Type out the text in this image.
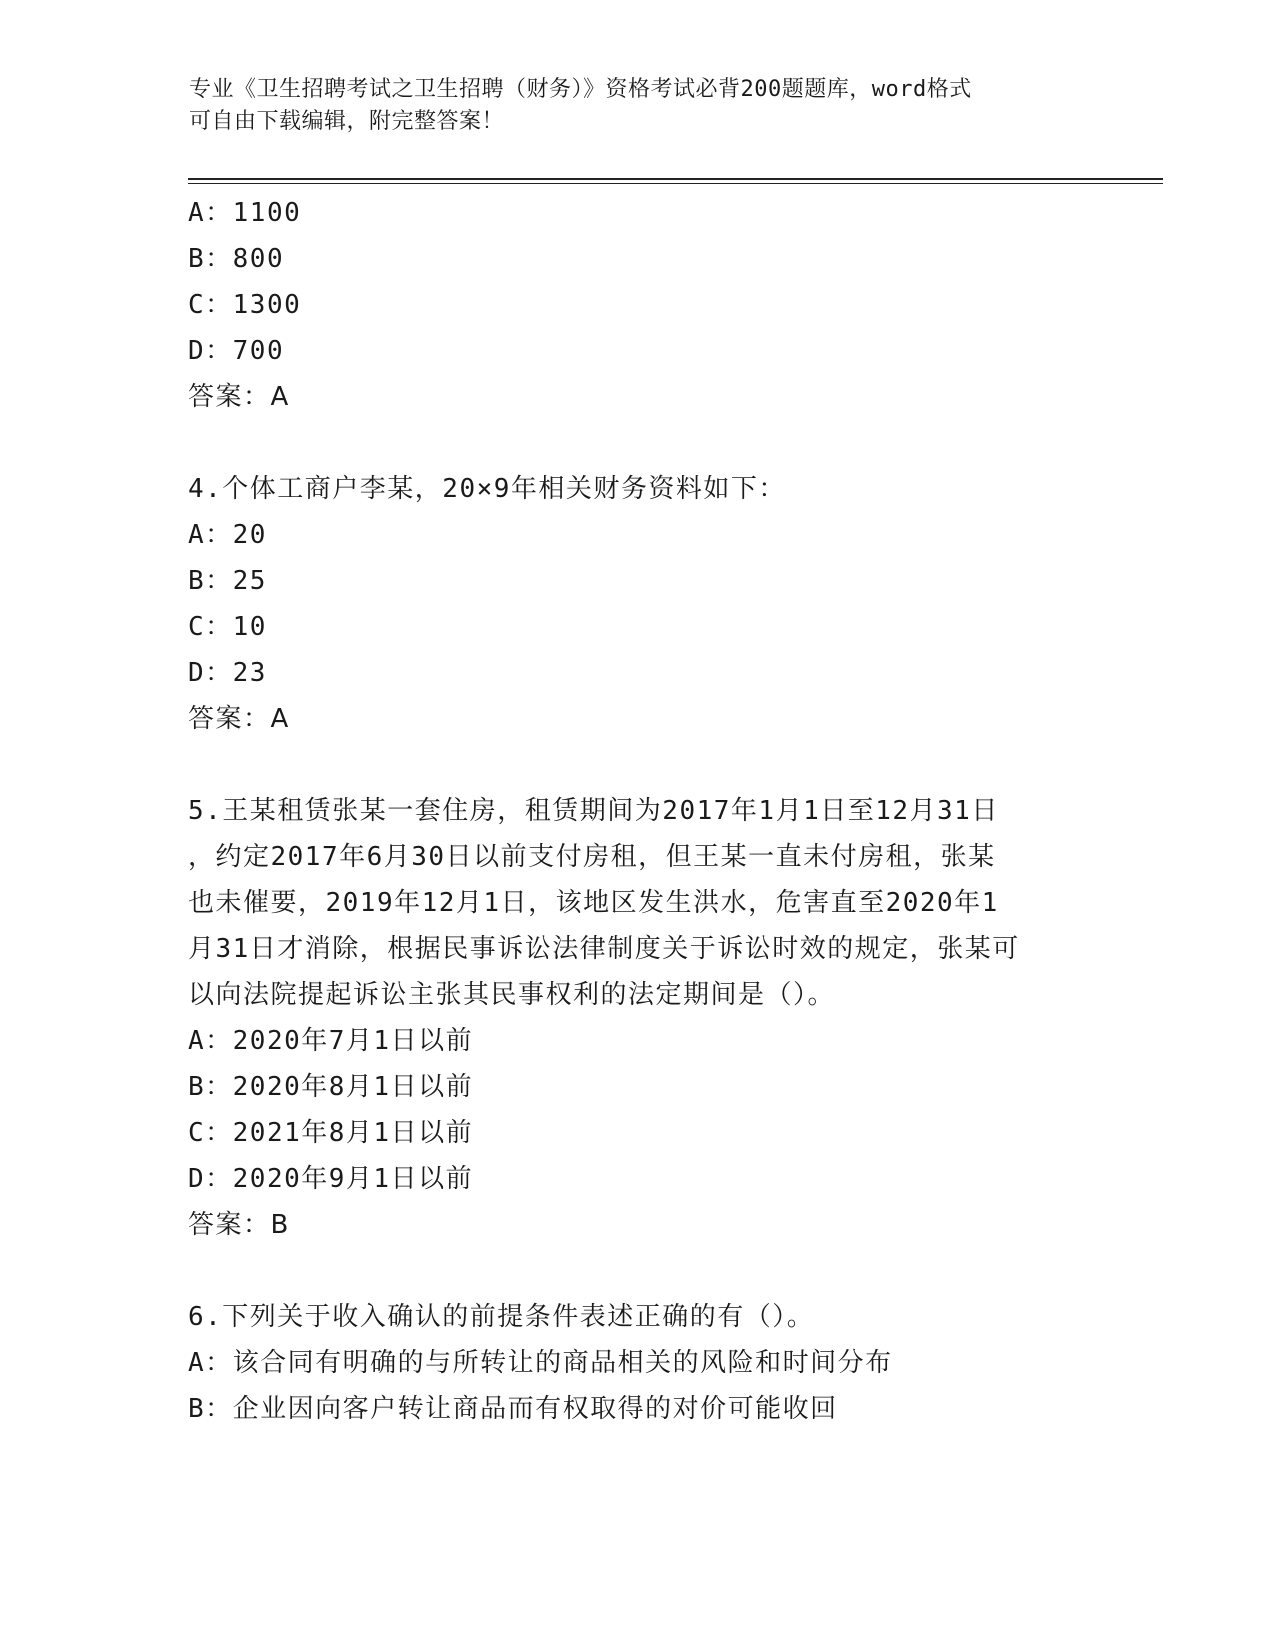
专业《卫生招聘考试之卫生招聘（财务）》资格考试必背200题题库，word格式
可自由下载编辑，附完整答案！
A：1100
B：800
C：1300
D：700
答案：A
4.个体工商户李某，20×9年相关财务资料如下：
A：20
B：25
C：10
D：23
答案：A
5.王某租赁张某一套住房，租赁期间为2017年1月1日至12月31日
，约定2017年6月30日以前支付房租，但王某一直未付房租，张某
也未催要，2019年12月1日，该地区发生洪水，危害直至2020年1
月31日才消除，根据民事诉讼法律制度关于诉讼时效的规定，张某可
以向法院提起诉讼主张其民事权利的法定期间是（）。
A：2020年7月1日以前
B：2020年8月1日以前
C：2021年8月1日以前
D：2020年9月1日以前
答案：B
6.下列关于收入确认的前提条件表述正确的有（）。
A：该合同有明确的与所转让的商品相关的风险和时间分布
B：企业因向客户转让商品而有权取得的对价可能收回
